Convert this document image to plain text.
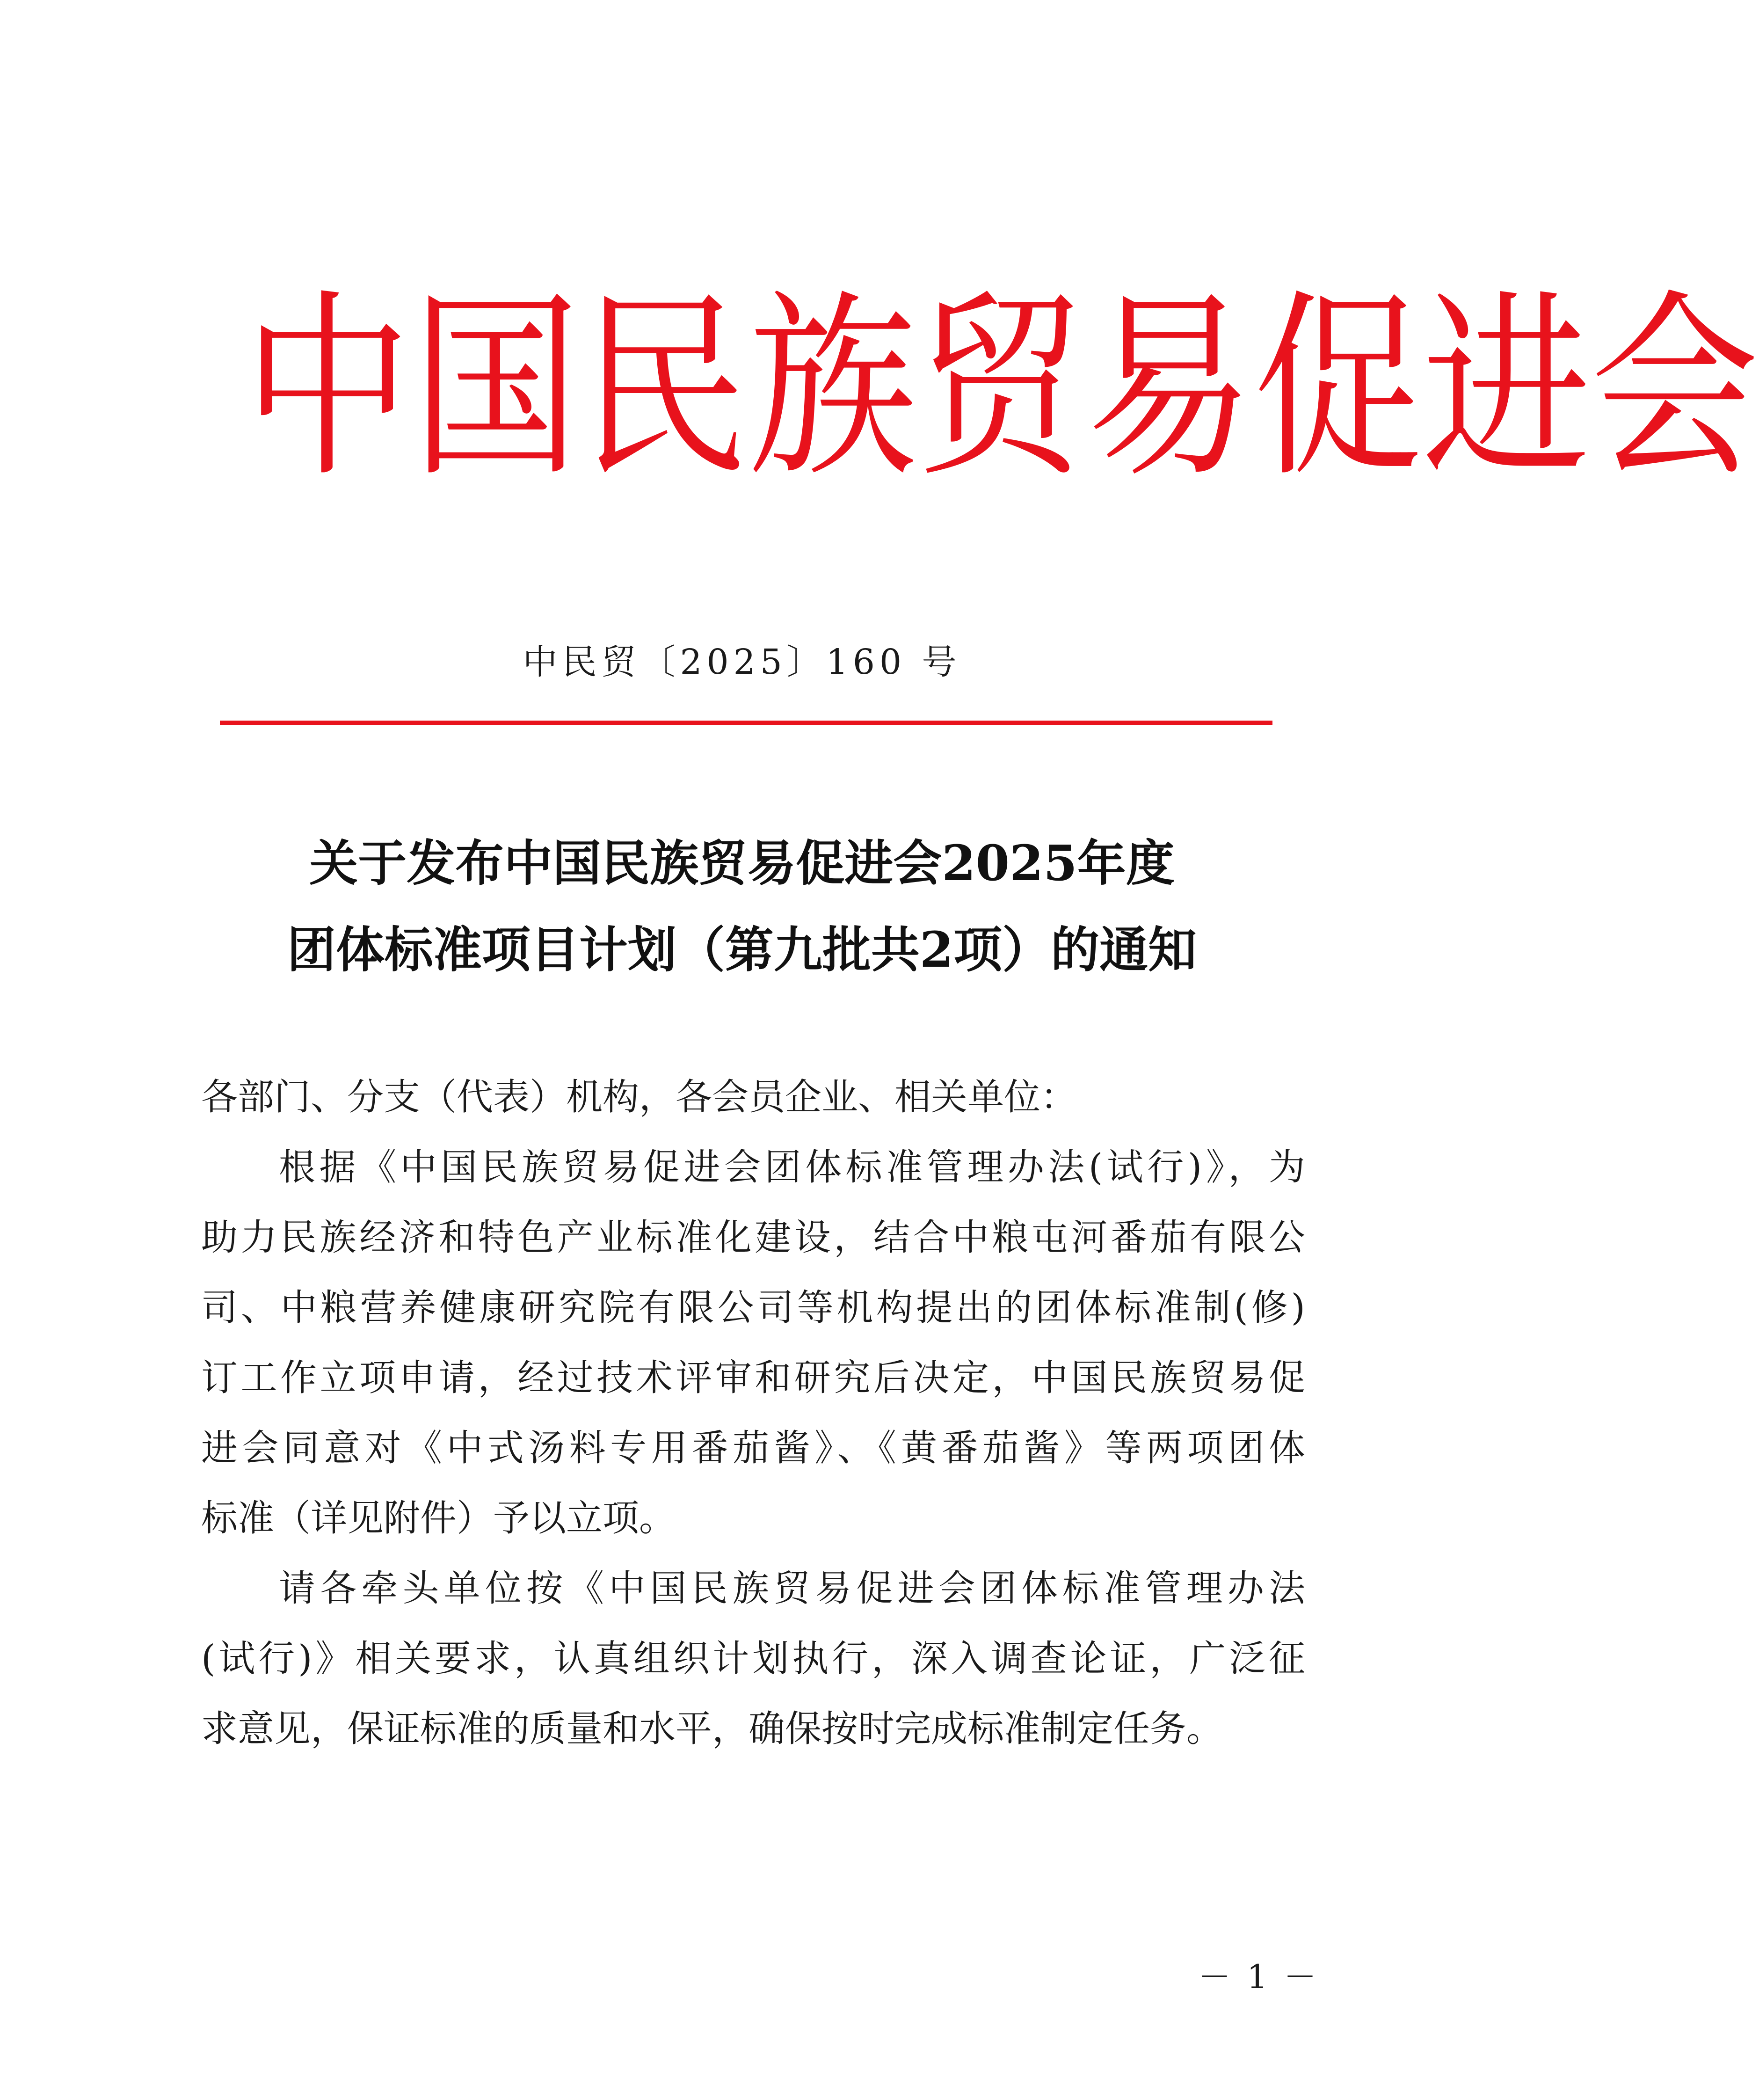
中国民族贸易促进会
中民贸〔2025〕160 号
关于发布中国民族贸易促进会2025年度
团体标准项目计划（第九批共2项）的通知
各部门、分支（代表）机构，各会员企业、相关单位：
根据《中国民族贸易促进会团体标准管理办法(试行)》，为
助力民族经济和特色产业标准化建设，结合中粮屯河番茄有限公
司、中粮营养健康研究院有限公司等机构提出的团体标准制(修)
订工作立项申请，经过技术评审和研究后决定，中国民族贸易促
进会同意对《中式汤料专用番茄酱》、《黄番茄酱》等两项团体
标准（详见附件）予以立项。
请各牵头单位按《中国民族贸易促进会团体标准管理办法
(试行)》相关要求，认真组织计划执行，深入调查论证，广泛征
求意见，保证标准的质量和水平，确保按时完成标准制定任务。
－ 1 －
